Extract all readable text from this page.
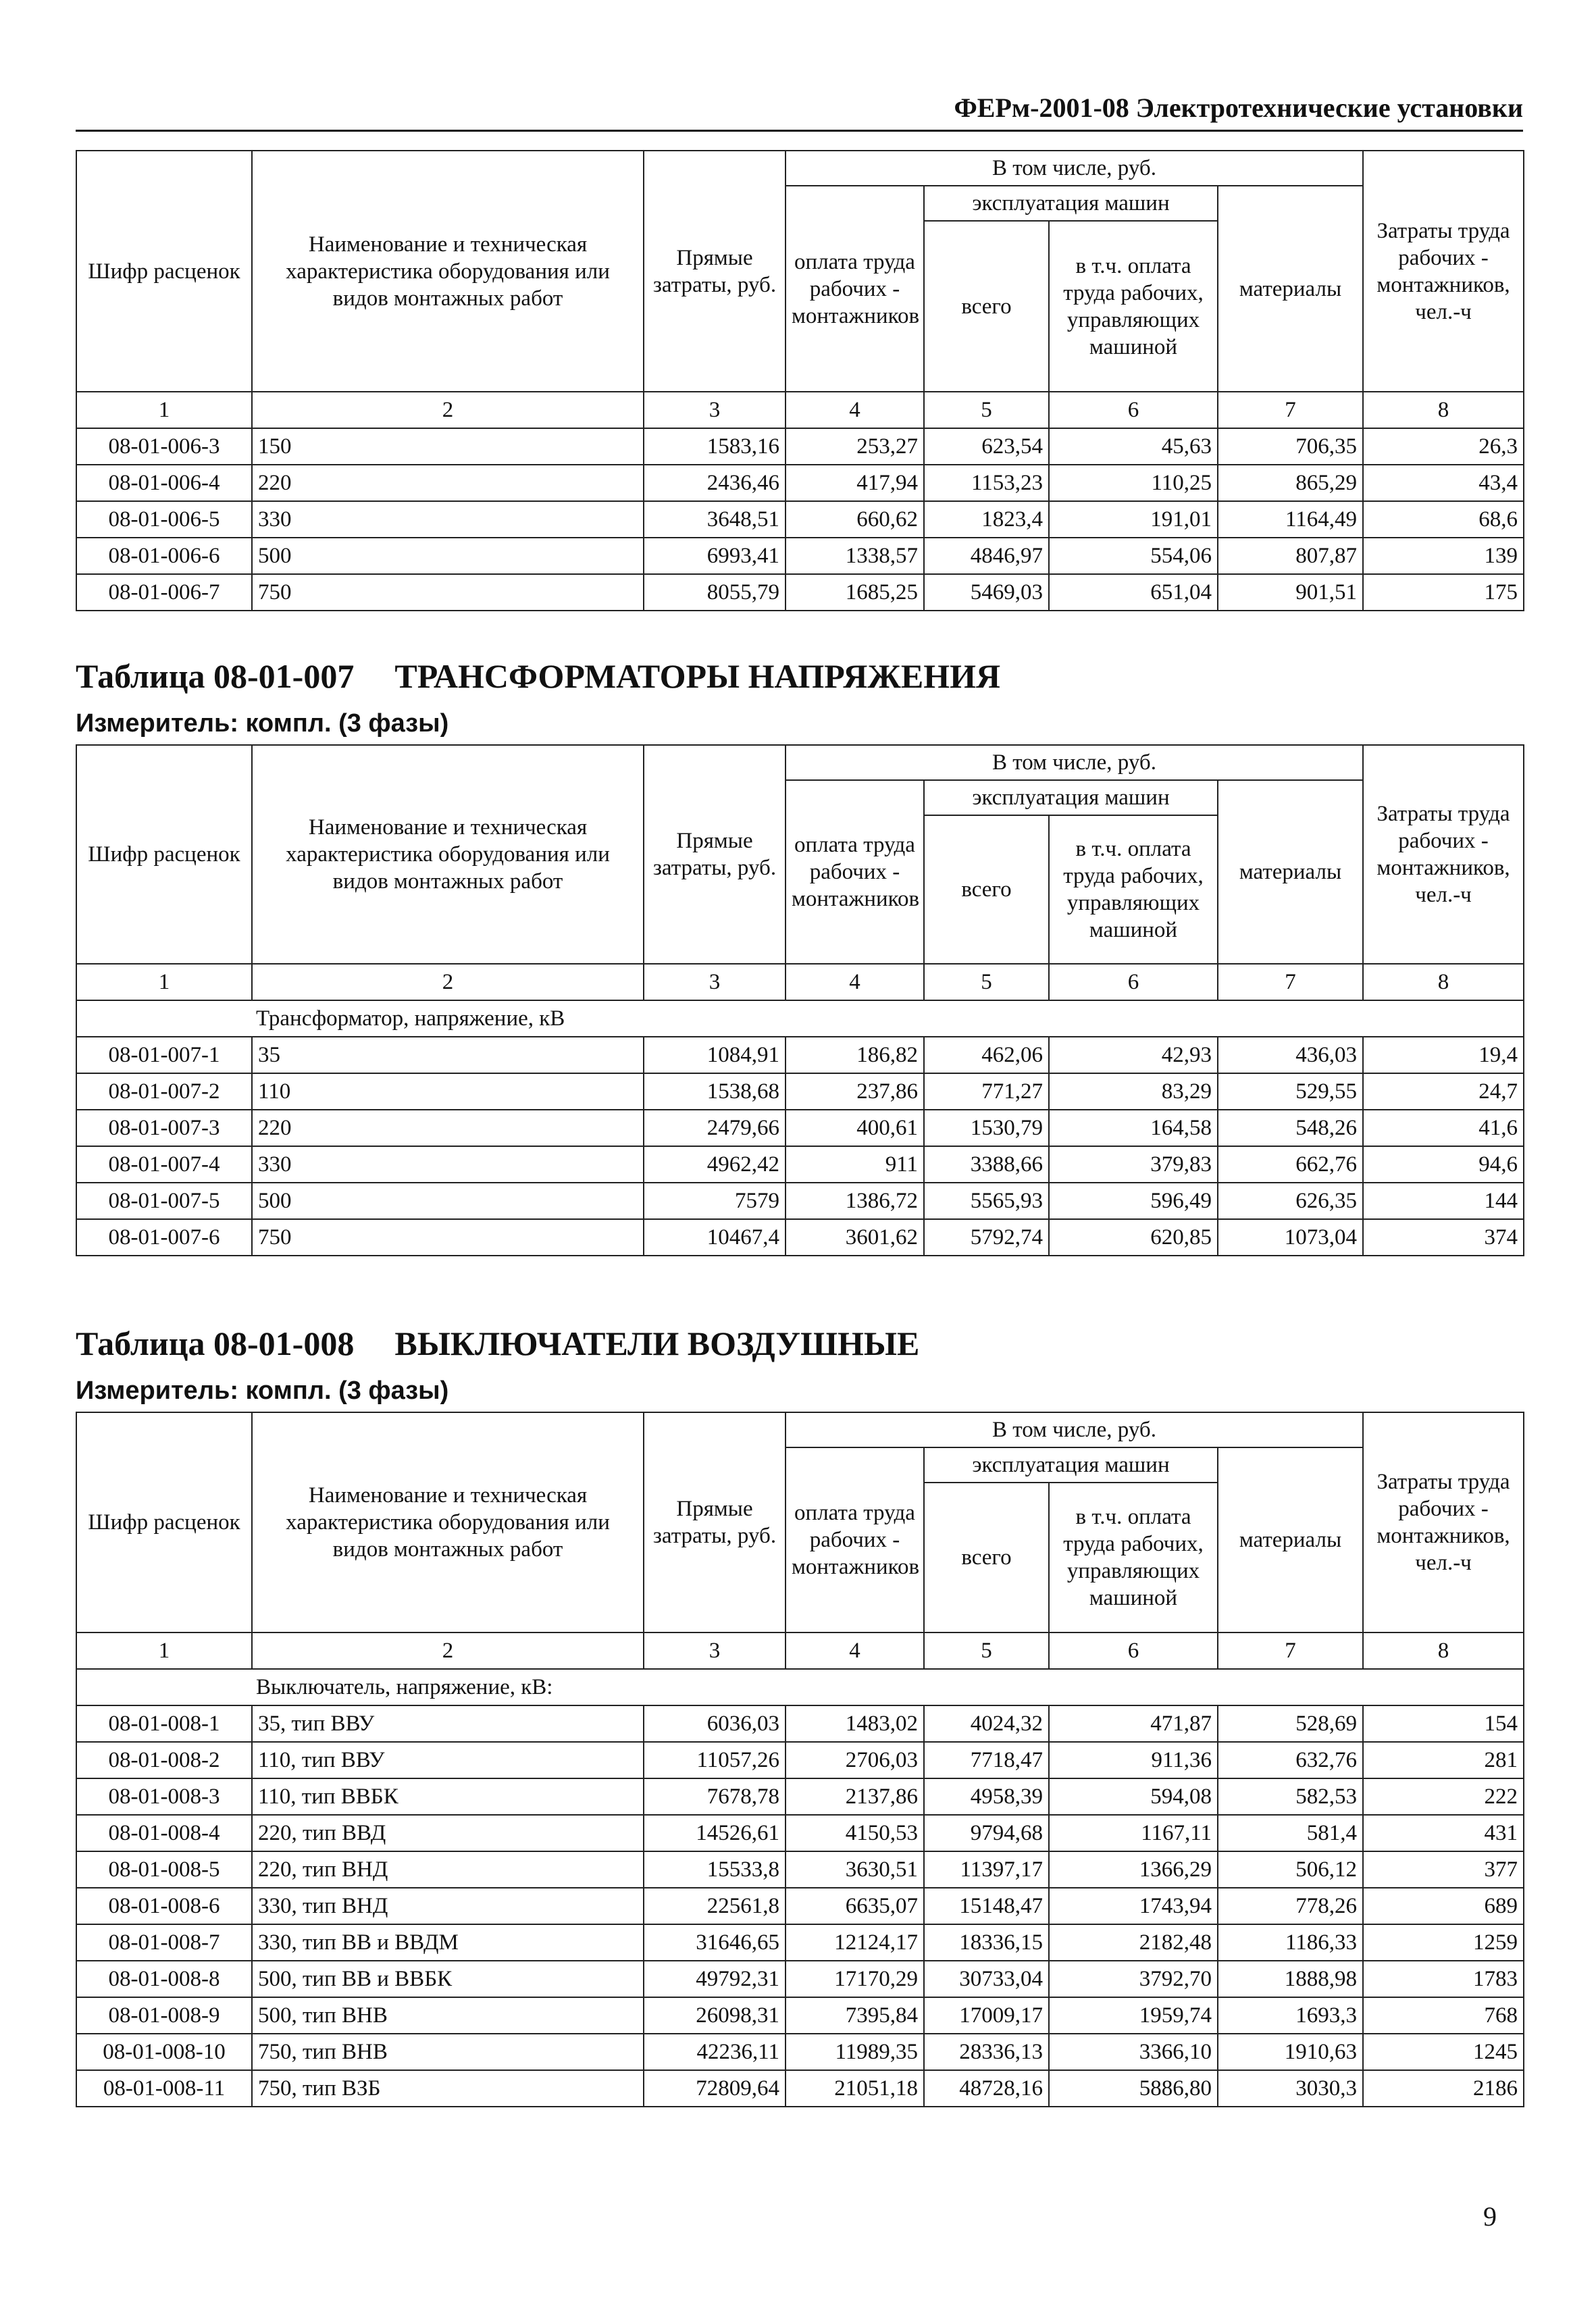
ФЕРм-2001-08 Электротехнические установки
Шифр расценок	Наименование и техническая характеристика оборудования или видов монтажных работ	Прямые затраты, руб.	В том числе, руб.				Затраты труда рабочих - монтажников, чел.-ч
			оплата труда рабочих - монтажников	эксплуатация машин		материалы	
				всего	в т.ч. оплата труда рабочих, управляющих машиной		
1	2	3	4	5	6	7	8
08-01-006-3	150	1583,16	253,27	623,54	45,63	706,35	26,3
08-01-006-4	220	2436,46	417,94	1153,23	110,25	865,29	43,4
08-01-006-5	330	3648,51	660,62	1823,4	191,01	1164,49	68,6
08-01-006-6	500	6993,41	1338,57	4846,97	554,06	807,87	139
08-01-006-7	750	8055,79	1685,25	5469,03	651,04	901,51	175
Таблица 08-01-007 ТРАНСФОРМАТОРЫ НАПРЯЖЕНИЯ
Измеритель: компл. (3 фазы)
Шифр расценок	Наименование и техническая характеристика оборудования или видов монтажных работ	Прямые затраты, руб.	В том числе, руб.				Затраты труда рабочих - монтажников, чел.-ч
			оплата труда рабочих - монтажников	эксплуатация машин		материалы	
				всего	в т.ч. оплата труда рабочих, управляющих машиной		
1	2	3	4	5	6	7	8
Трансформатор, напряжение, кВ							
08-01-007-1	35	1084,91	186,82	462,06	42,93	436,03	19,4
08-01-007-2	110	1538,68	237,86	771,27	83,29	529,55	24,7
08-01-007-3	220	2479,66	400,61	1530,79	164,58	548,26	41,6
08-01-007-4	330	4962,42	911	3388,66	379,83	662,76	94,6
08-01-007-5	500	7579	1386,72	5565,93	596,49	626,35	144
08-01-007-6	750	10467,4	3601,62	5792,74	620,85	1073,04	374
Таблица 08-01-008 ВЫКЛЮЧАТЕЛИ ВОЗДУШНЫЕ
Измеритель: компл. (3 фазы)
Шифр расценок	Наименование и техническая характеристика оборудования или видов монтажных работ	Прямые затраты, руб.	В том числе, руб.				Затраты труда рабочих - монтажников, чел.-ч
			оплата труда рабочих - монтажников	эксплуатация машин		материалы	
				всего	в т.ч. оплата труда рабочих, управляющих машиной		
1	2	3	4	5	6	7	8
Выключатель, напряжение, кВ:							
08-01-008-1	35, тип ВВУ	6036,03	1483,02	4024,32	471,87	528,69	154
08-01-008-2	110, тип ВВУ	11057,26	2706,03	7718,47	911,36	632,76	281
08-01-008-3	110, тип ВВБК	7678,78	2137,86	4958,39	594,08	582,53	222
08-01-008-4	220, тип ВВД	14526,61	4150,53	9794,68	1167,11	581,4	431
08-01-008-5	220, тип ВНД	15533,8	3630,51	11397,17	1366,29	506,12	377
08-01-008-6	330, тип ВНД	22561,8	6635,07	15148,47	1743,94	778,26	689
08-01-008-7	330, тип ВВ и ВВДМ	31646,65	12124,17	18336,15	2182,48	1186,33	1259
08-01-008-8	500, тип ВВ и ВВБК	49792,31	17170,29	30733,04	3792,70	1888,98	1783
08-01-008-9	500, тип ВНВ	26098,31	7395,84	17009,17	1959,74	1693,3	768
08-01-008-10	750, тип ВНВ	42236,11	11989,35	28336,13	3366,10	1910,63	1245
08-01-008-11	750, тип ВЗБ	72809,64	21051,18	48728,16	5886,80	3030,3	2186
9
